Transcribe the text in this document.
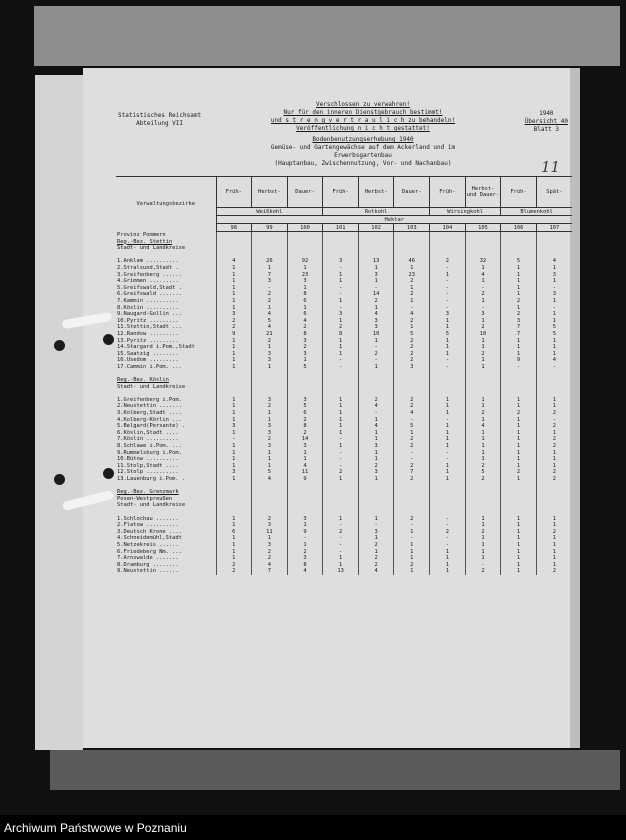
Statistisches Reichsamt
Abteilung VII
Verschlossen zu verwahren!
Nur für den inneren Dienstgebrauch bestimmt!
und s t r e n g v e r t r a u l i c h zu behandeln!
Veröffentlichung n i c h t gestattet!
Bodenbenutzungserhebung 1940
Gemüse- und Gartengewächse auf dem Ackerland und im Erwerbsgartenbau
(Hauptanbau, Zwischennutzung, Vor- und Nachanbau)
1940
Übersicht 40
Blatt 3
11
Verwaltungsbezirke	Früh-	Herbst-	Dauer-	Früh-	Herbst-	Dauer-	Früh-	Herbst- und Dauer-	Früh-	Spät-
	Weißkohl			Rotkohl			Wirsingkohl		Blumenkohl	
	Hektar									
	98	99	100	101	102	103	104	105	106	107
Provinz Pommern										
Reg.-Bez. Stettin										
Stadt- und Landkreise										

1.Anklam ..........	4	26	92	3	13	46	2	32	5	4
2.Stralsund,Stadt .	1	1	1	-	1	1	-	1	1	1
3.Greifenberg ......	1	7	23	1	3	23	1	4	1	3
4.Grimmen .........	1	3	3	1	1	2	-	1	1	1
5.Greifswald,Stadt .	1	-	1	-	-	1	-	-	1	-
6.Greifswald .......	1	2	8	-	14	2	-	2	1	3
7.Kammin ..........	1	2	6	1	2	1	-	1	2	1
8.Köslin ..........	1	1	1	-	1	-	-	-	1	-
9.Naugard-Gollin ...	3	4	6	3	4	4	3	3	2	1
10.Pyritz .........	2	5	4	1	3	2	1	1	3	1
11.Stettin,Stadt ...	2	4	2	2	3	1	1	2	7	5
12.Randow .........	9	21	8	8	10	5	5	10	7	5
13.Pyritz .........	1	2	3	1	1	2	1	1	1	1
14.Stargard i.Pom.,Stadt	1	1	2	1	-	2	1	1	1	1
15.Saatzig ........	1	3	3	1	2	2	1	2	1	1
16.Usedom .........	1	3	1	-	-	2	-	1	9	4
17.Cammin i.Pom. ...	1	1	5	-	1	3	-	1	-	-

Reg.-Bez. Köslin										
Stadt- und Landkreise										

1.Greifenberg i.Pom.	1	3	3	1	2	2	1	1	1	1
2.Neustettin .......	1	2	5	1	4	2	1	1	1	1
3.Kolberg,Stadt ....	1	1	6	1	-	4	1	2	2	2
4.Kolberg-Körlin ...	1	1	2	1	1	-	-	1	1	-
5.Belgard(Persante) .	3	3	8	1	4	5	1	4	1	2
6.Köslin,Stadt ....	1	3	2	1	1	1	1	1	1	1
7.Köslin ..........	-	2	14	-	1	2	1	1	1	2
8.Schlawe i.Pom. ...	1	3	3	1	3	2	1	1	1	2
9.Rummelsburg i.Pom.	1	1	1	-	1	-	-	1	1	1
10.Bütow ..........	1	1	1	-	1	-	-	1	1	1
11.Stolp,Stadt ....	1	1	4	-	2	2	1	2	1	1
12.Stolp ..........	3	5	11	2	3	7	1	5	2	2
13.Lauenburg i.Pom. .	1	4	9	1	1	2	1	2	1	2

Reg.-Bez. Grenzmark										
Posen-Westpreußen										
Stadt- und Landkreise										

1.Schlochau .......	1	2	3	1	1	2	-	1	1	1
2.Flatow ..........	1	3	1	-	-	-	-	1	1	1
3.Deutsch Krone ....	6	11	9	2	3	1	2	2	1	2
4.Schneidemühl,Stadt	1	1	-	-	1	-	-	1	1	1
5.Netzekreis ......	1	3	1	-	2	1	-	1	1	1
6.Friedeberg Nm. ...	1	2	2	-	1	1	1	1	1	1
7.Arnswalde .......	1	2	3	1	2	1	1	1	1	1
8.Dramburg ........	2	4	8	1	2	2	1	-	1	1
9.Neustettin ......	2	7	4	13	4	1	1	2	1	2
Archiwum Państwowe w Poznaniu
